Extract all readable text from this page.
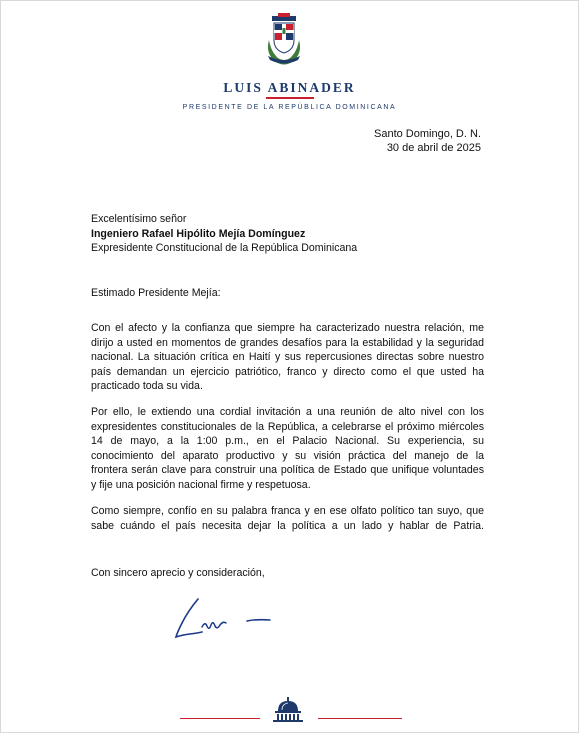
LUIS ABINADER
PRESIDENTE DE LA REPÚBLICA DOMINICANA
Santo Domingo, D. N.
30 de abril de 2025
Excelentísimo señor
Ingeniero Rafael Hipólito Mejía Domínguez
Expresidente Constitucional de la República Dominicana
Estimado Presidente Mejía:
Con el afecto y la confianza que siempre ha caracterizado nuestra relación, me
dirijo a usted en momentos de grandes desafíos para la estabilidad y la seguridad
nacional. La situación crítica en Haití y sus repercusiones directas sobre nuestro
país demandan un ejercicio patriótico, franco y directo como el que usted ha
practicado toda su vida.
Por ello, le extiendo una cordial invitación a una reunión de alto nivel con los
expresidentes constitucionales de la República, a celebrarse el próximo miércoles
14 de mayo, a la 1:00 p.m., en el Palacio Nacional. Su experiencia, su
conocimiento del aparato productivo y su visión práctica del manejo de la
frontera serán clave para construir una política de Estado que unifique voluntades
y fije una posición nacional firme y respetuosa.
Como siempre, confío en su palabra franca y en ese olfato político tan suyo, que
sabe cuándo el país necesita dejar la política a un lado y hablar de Patria.
Con sincero aprecio y consideración,
